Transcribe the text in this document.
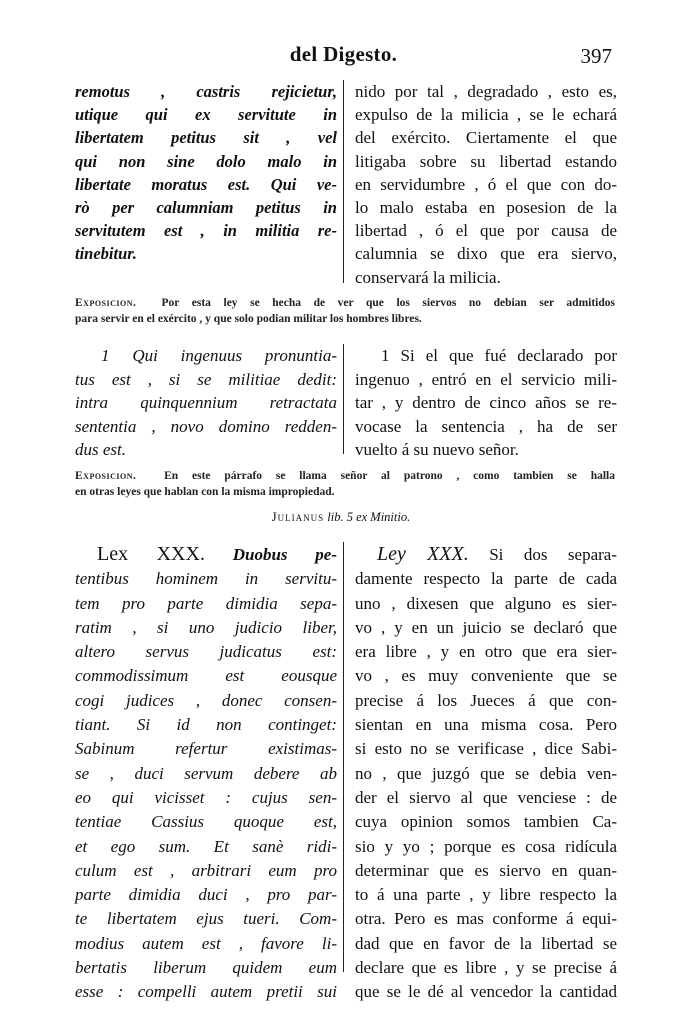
del Digesto.	397
remotus , castris rejicietur,
utique qui ex servitute in
libertatem petitus sit , vel
qui non sine dolo malo in
libertate moratus est. Qui ve-
rò per calumniam petitus in
servitutem est , in militia re-
tinebitur.
nido por tal , degradado , esto es,
expulso de la milicia , se le echará
del exército. Ciertamente el que
litigaba sobre su libertad estando
en servidumbre , ó el que con do-
lo malo estaba en posesion de la
libertad , ó el que por causa de
calumnia se dixo que era siervo,
conservará la milicia.
Exposicion. Por esta ley se hecha de ver que los siervos no debian ser admitidos
para servir en el exército , y que solo podian militar los hombres libres.
1 Qui ingenuus pronuntia-
tus est , si se militiae dedit:
intra quinquennium retractata
sententia , novo domino redden-
dus est.
1 Si el que fué declarado por
ingenuo , entró en el servicio mili-
tar , y dentro de cinco años se re-
vocase la sentencia , ha de ser
vuelto á su nuevo señor.
Exposicion. En este párrafo se llama señor al patrono , como tambien se halla
en otras leyes que hablan con la misma impropiedad.
Julianus lib. 5 ex Minitio.
Lex XXX. Duobus pe-
tentibus hominem in servitu-
tem pro parte dimidia sepa-
ratim , si uno judicio liber,
altero servus judicatus est:
commodissimum est eousque
cogi judices , donec consen-
tiant. Si id non continget:
Sabinum refertur existimas-
se , duci servum debere ab
eo qui vicisset : cujus sen-
tentiae Cassius quoque est,
et ego sum. Et sanè ridi-
culum est , arbitrari eum pro
parte dimidia duci , pro par-
te libertatem ejus tueri. Com-
modius autem est , favore li-
bertatis liberum quidem eum
esse : compelli autem pretii sui
Ley XXX. Si dos separa-
damente respecto la parte de cada
uno , dixesen que alguno es sier-
vo , y en un juicio se declaró que
era libre , y en otro que era sier-
vo , es muy conveniente que se
precise á los Jueces á que con-
sientan en una misma cosa. Pero
si esto no se verificase , dice Sabi-
no , que juzgó que se debia ven-
der el siervo al que venciese : de
cuya opinion somos tambien Ca-
sio y yo ; porque es cosa ridícula
determinar que es siervo en quan-
to á una parte , y libre respecto la
otra. Pero es mas conforme á equi-
dad que en favor de la libertad se
declare que es libre , y se precise á
que se le dé al vencedor la cantidad
